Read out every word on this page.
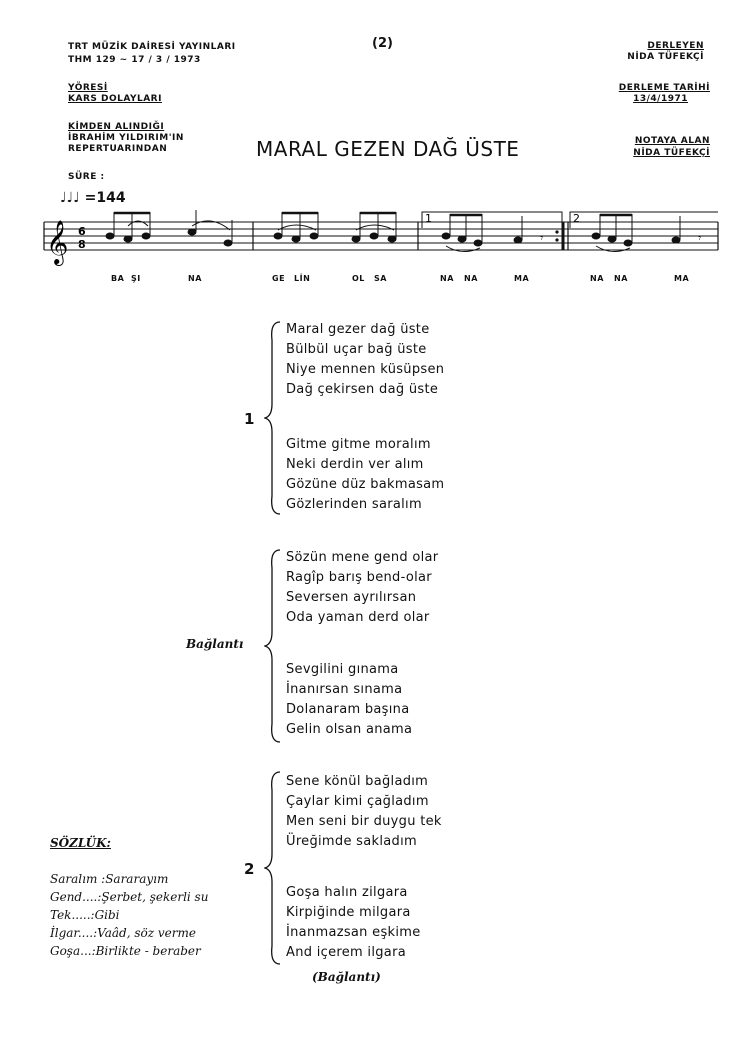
TRT MÜZİK DAİRESİ YAYINLARI
THM 129 ~ 17 / 3 / 1973
(2)	DERLEYEN
NİDA TÜFEKÇİ
YÖRESİ
KARS DOLAYLARI
DERLEME TARİHİ
13/4/1971
KİMDEN ALINDIĞI
İBRAHİM YILDIRIM'IN
REPERTUARINDAN	MARAL GEZEN DAĞ ÜSTE	NOTAYA ALAN
NİDA TÜFEKÇİ
SÜRE :
♩♩♩ =144
𝄞 6
8
1	2
𝄾	𝄾
BA ŞI	NA	GE LİN	OL SA	NA NA	MA	NA NA	MA
1
Maral gezer dağ üste
Bülbül uçar bağ üste
Niye mennen küsüpsen
Dağ çekirsen dağ üste
Gitme gitme moralım
Neki derdin ver alım
Gözüne düz bakmasam
Gözlerinden saralım
Bağlantı
Sözün mene gend olar
Ragîp barış bend-olar
Seversen ayrılırsan
Oda yaman derd olar
Sevgilini gınama
İnanırsan sınama
Dolanaram başına
Gelin olsan anama
2
Sene könül bağladım
Çaylar kimi çağladım
Men seni bir duygu tek
Üreğimde sakladım
Goşa halın zilgara
Kirpiğinde milgara
İnanmazsan eşkime
And içerem ilgara
(Bağlantı)
SÖZLÜK:
Saralım :Sararayım
Gend....:Şerbet, şekerli su
Tek.....:Gibi
İlgar....:Vaâd, söz verme
Goşa...:Birlikte - beraber
